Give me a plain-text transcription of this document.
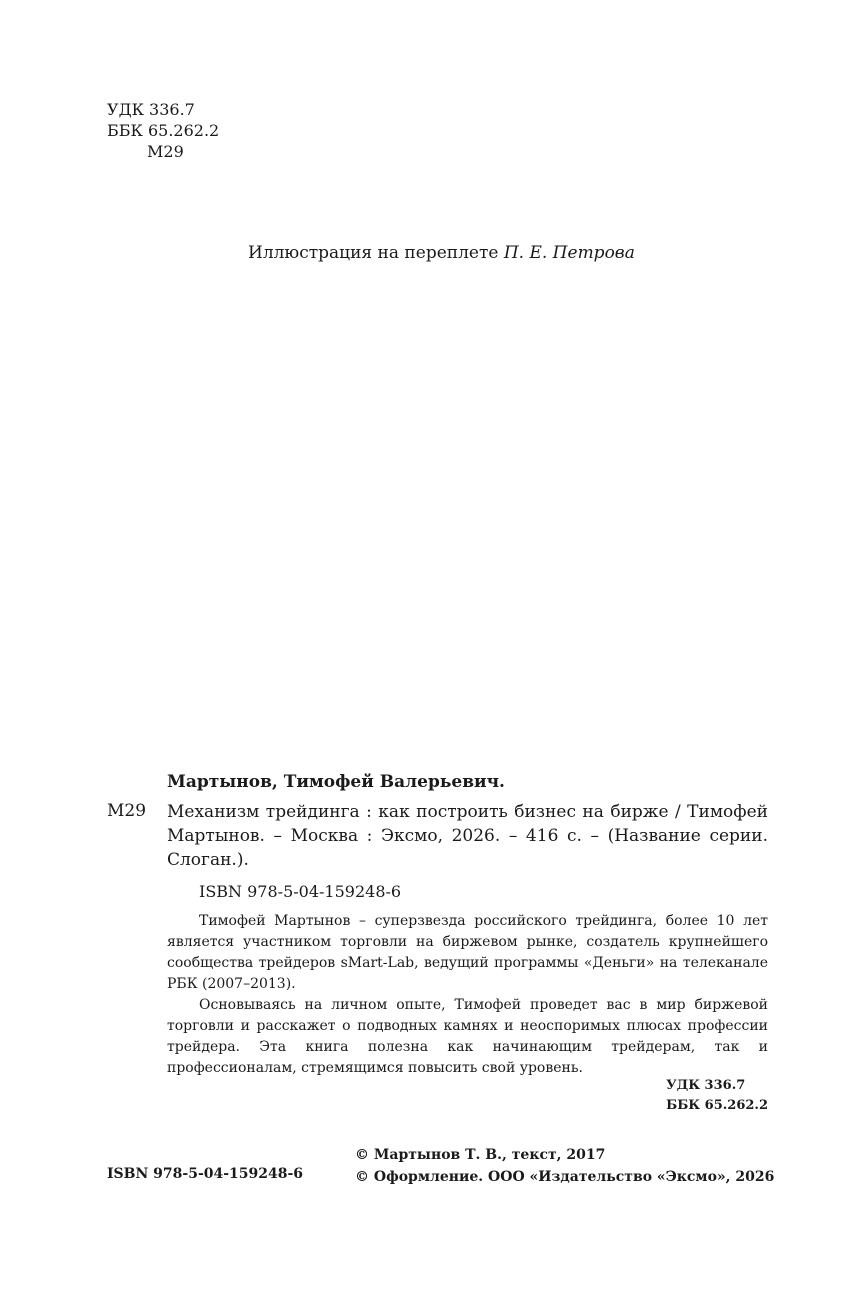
УДК 336.7
ББК 65.262.2
М29
Иллюстрация на переплете П. Е. Петрова
Мартынов, Тимофей Валерьевич.
М29 Механизм трейдинга : как построить бизнес на бирже / Тимофей Мартынов. – Москва : Эксмо, 2026. – 416 с. – (Название серии. Слоган.).

ISBN 978-5-04-159248-6

Тимофей Мартынов – суперзвезда российского трейдинга, более 10 лет является участником торговли на биржевом рынке, создатель крупнейшего сообщества трейдеров sMart-Lab, ведущий программы «Деньги» на телеканале РБК (2007–2013).

Основываясь на личном опыте, Тимофей проведет вас в мир биржевой торговли и расскажет о подводных камнях и неоспоримых плюсах профессии трейдера. Эта книга полезна как начинающим трейдерам, так и профессионалам, стремящимся повысить свой уровень.

УДК 336.7
ББК 65.262.2
ISBN 978-5-04-159248-6
© Мартынов Т. В., текст, 2017
© Оформление. ООО «Издательство «Эксмо», 2026
